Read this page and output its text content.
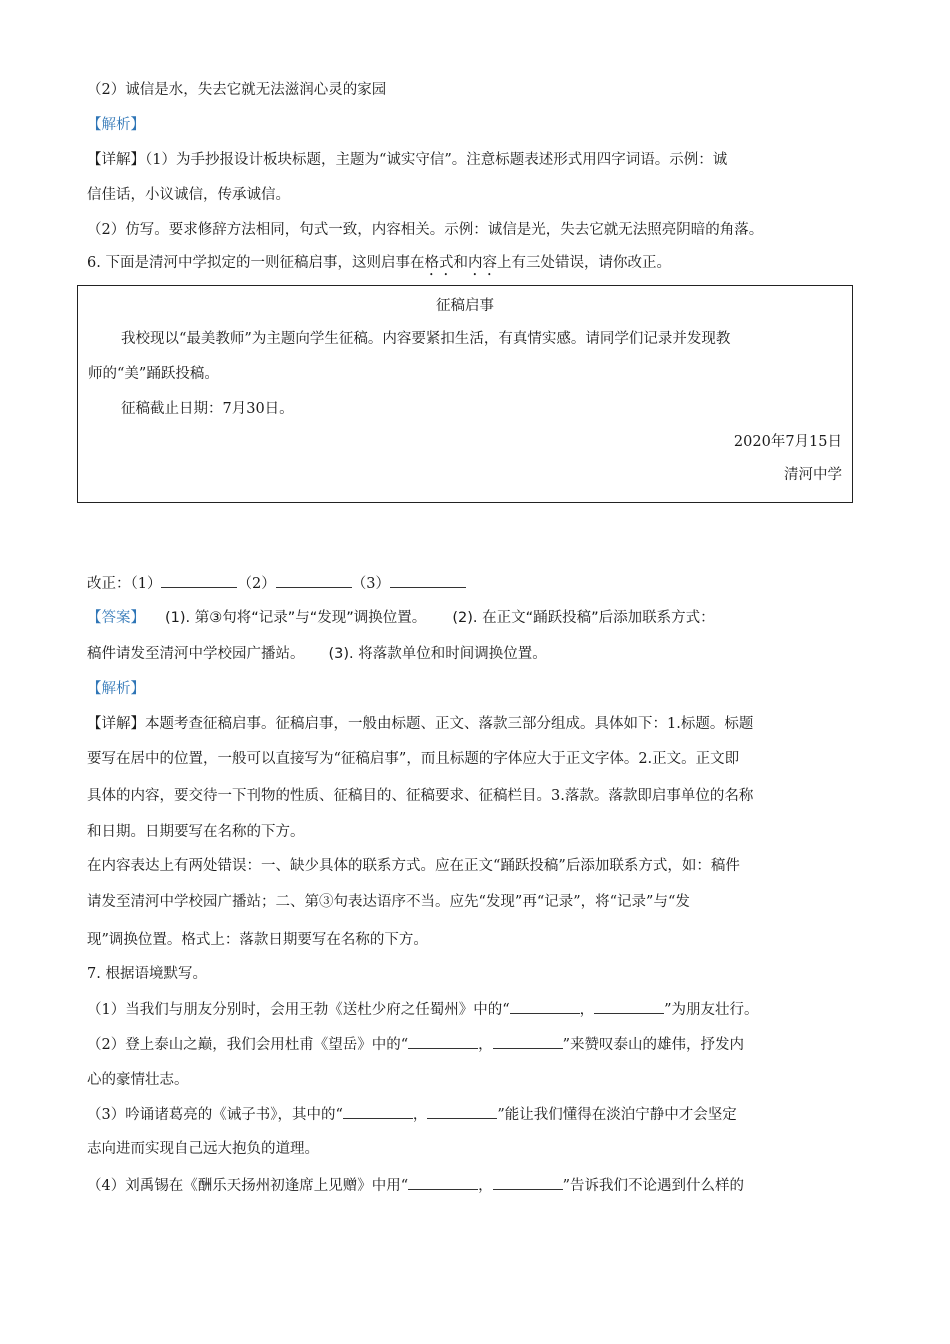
（2）诚信是水，失去它就无法滋润心灵的家园
【解析】
【详解】（1）为手抄报设计板块标题，主题为“诚实守信”。注意标题表述形式用四字词语。示例：诚
信佳话，小议诚信，传承诚信。
（2）仿写。要求修辞方法相同，句式一致，内容相关。示例：诚信是光，失去它就无法照亮阴暗的角落。
6. 下面是清河中学拟定的一则征稿启事，这则启事在格式和内容上有三处错误，请你改正。
征稿启事
我校现以“最美教师”为主题向学生征稿。内容要紧扣生活，有真情实感。请同学们记录并发现教
师的“美”踊跃投稿。
征稿截止日期：7月30日。
2020年7月15日
清河中学
改正：（1）	（2）	（3）
【答案】 (1). 第③句将“记录”与“发现”调换位置。 (2). 在正文“踊跃投稿”后添加联系方式：
稿件请发至清河中学校园广播站。 (3). 将落款单位和时间调换位置。
【解析】
【详解】本题考查征稿启事。征稿启事，一般由标题、正文、落款三部分组成。具体如下：1.标题。标题
要写在居中的位置，一般可以直接写为“征稿启事”，而且标题的字体应大于正文字体。2.正文。正文即
具体的内容，要交待一下刊物的性质、征稿目的、征稿要求、征稿栏目。3.落款。落款即启事单位的名称
和日期。日期要写在名称的下方。
在内容表达上有两处错误：一、缺少具体的联系方式。应在正文“踊跃投稿”后添加联系方式，如：稿件
请发至清河中学校园广播站；二、第③句表达语序不当。应先“发现”再“记录”，将“记录”与“发
现”调换位置。格式上：落款日期要写在名称的下方。
7. 根据语境默写。
（1）当我们与朋友分别时，会用王勃《送杜少府之任蜀州》中的“	，	”为朋友壮行。
（2）登上泰山之巅，我们会用杜甫《望岳》中的“	，	”来赞叹泰山的雄伟，抒发内
心的豪情壮志。
（3）吟诵诸葛亮的《诫子书》，其中的“	，	”能让我们懂得在淡泊宁静中才会坚定
志向进而实现自己远大抱负的道理。
（4）刘禹锡在《酬乐天扬州初逢席上见赠》中用“	，	”告诉我们不论遇到什么样的
